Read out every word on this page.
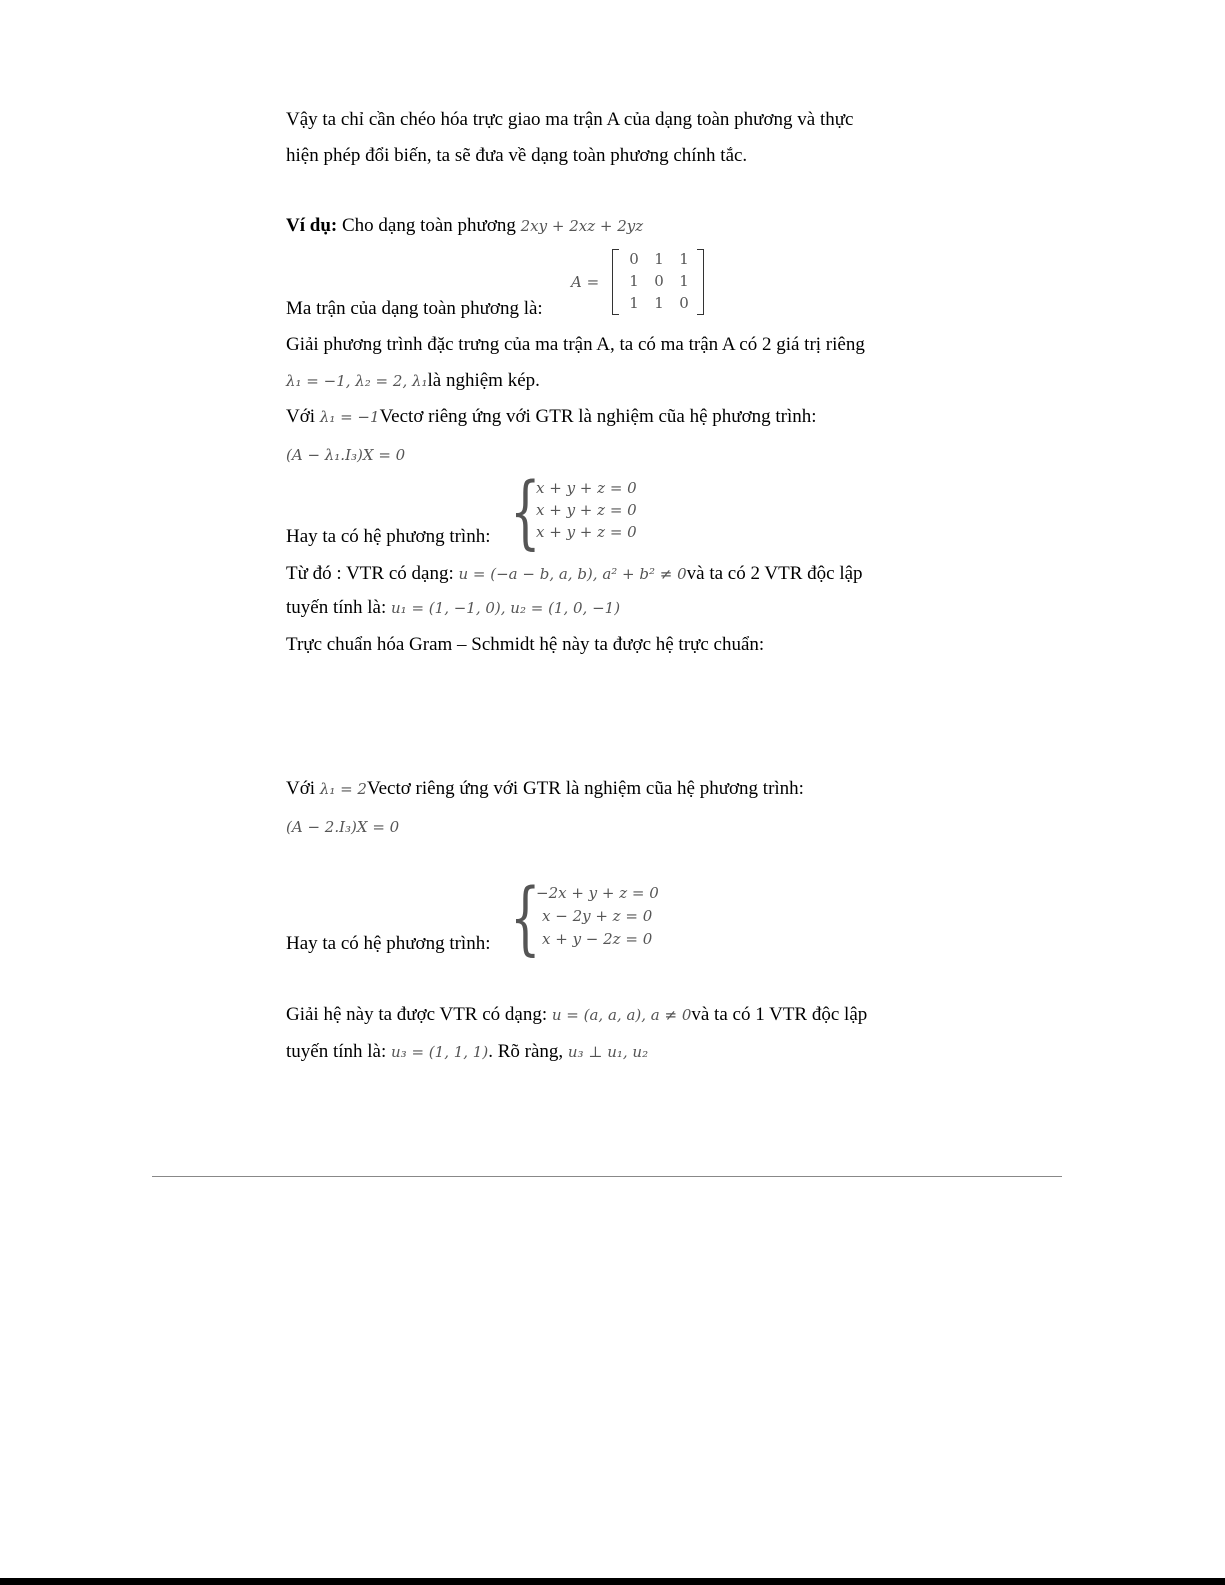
Vậy ta chỉ cần chéo hóa trực giao ma trận A của dạng toàn phương và thực
hiện phép đổi biến, ta sẽ đưa về dạng toàn phương chính tắc.
Ví dụ: Cho dạng toàn phương 2xy + 2xz + 2yz
A =
0	1	1
1	0	1
1	1	0
Ma trận của dạng toàn phương là:
Giải phương trình đặc trưng của ma trận A, ta có ma trận A có 2 giá trị riêng
λ₁ = −1, λ₂ = 2, λ₁là nghiệm kép.
Với λ₁ = −1Vectơ riêng ứng với GTR là nghiệm cũa hệ phương trình:
(A − λ₁.I₃)X = 0
{
x + y + z = 0
x + y + z = 0
x + y + z = 0
Hay ta có hệ phương trình:
Từ đó : VTR có dạng: u = (−a − b, a, b), a² + b² ≠ 0và ta có 2 VTR độc lập
tuyến tính là: u₁ = (1, −1, 0), u₂ = (1, 0, −1)
Trực chuẩn hóa Gram – Schmidt hệ này ta được hệ trực chuẩn:
Với λ₁ = 2Vectơ riêng ứng với GTR là nghiệm cũa hệ phương trình:
(A − 2.I₃)X = 0
{
−2x + y + z = 0
x − 2y + z = 0
x + y − 2z = 0
Hay ta có hệ phương trình:
Giải hệ này ta được VTR có dạng: u = (a, a, a), a ≠ 0và ta có 1 VTR độc lập
tuyến tính là: u₃ = (1, 1, 1). Rõ ràng, u₃ ⊥ u₁, u₂
